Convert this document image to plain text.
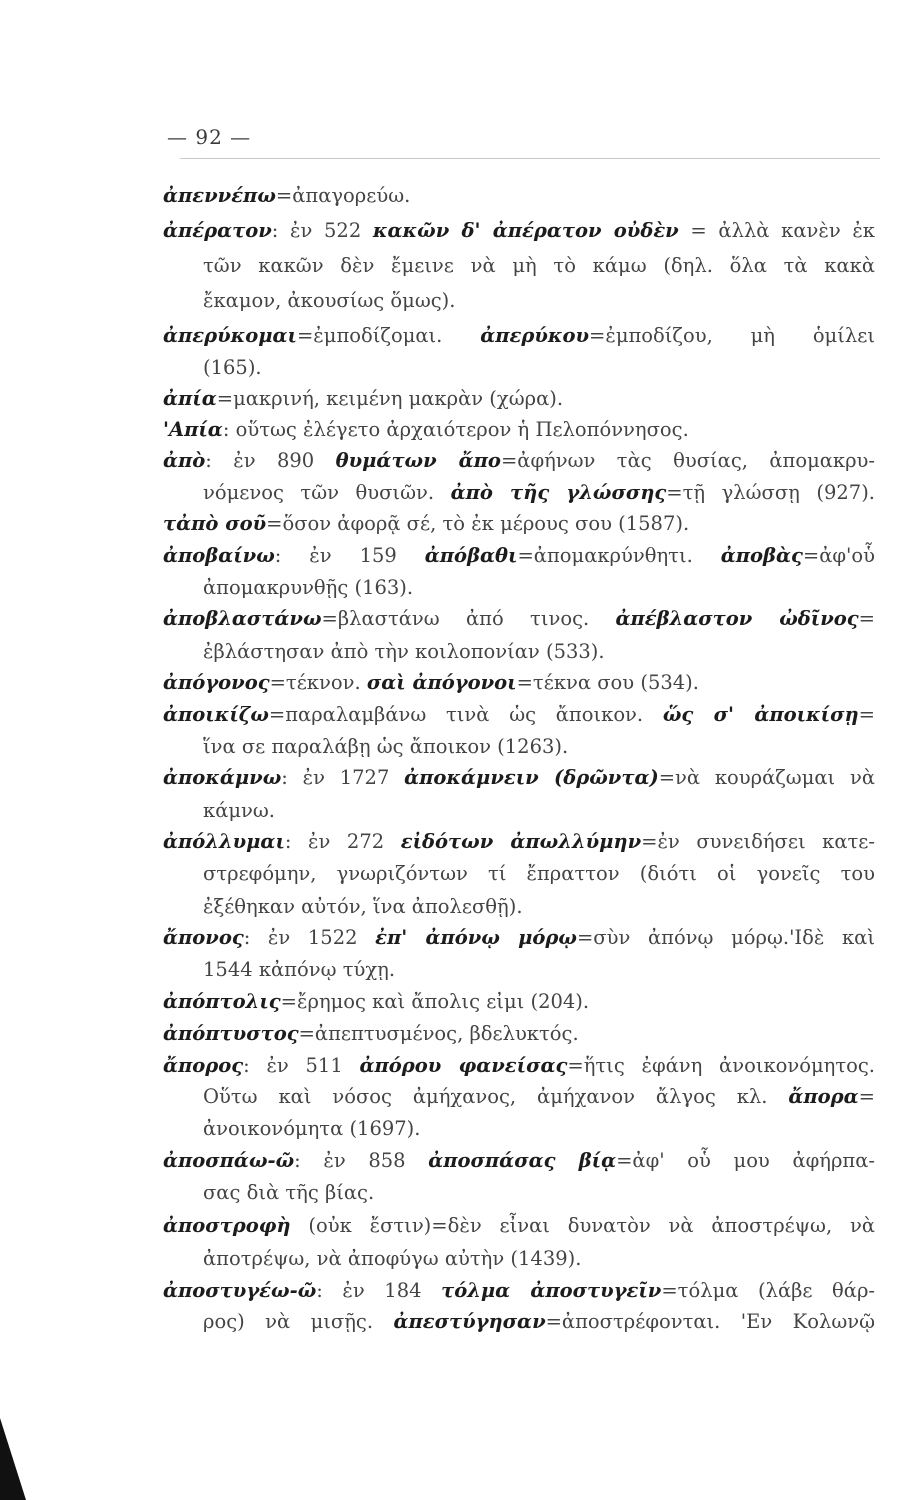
— 92 —
ἀπεννέπω=ἀπαγορεύω.
ἀπέρατον: ἐν 522 κακῶν δ' ἀπέρατον οὐδὲν = ἀλλὰ κανὲν ἐκ
τῶν κακῶν δὲν ἔμεινε νὰ μὴ τὸ κάμω (δηλ. ὅλα τὰ κακὰ
ἔκαμον, ἀκουσίως ὅμως).
ἀπερύκομαι=ἐμποδίζομαι. ἀπερύκου=ἐμποδίζου, μὴ ὁμίλει
(165).
ἀπία=μακρινή, κειμένη μακρὰν (χώρα).
'Απία: οὕτως ἐλέγετο ἀρχαιότερον ἡ Πελοπόννησος.
ἀπὸ: ἐν 890 θυμάτων ἄπο=ἀφήνων τὰς θυσίας, ἀπομακρυ-
νόμενος τῶν θυσιῶν. ἀπὸ τῆς γλώσσης=τῇ γλώσσῃ (927).
τἀπὸ σοῦ=ὅσον ἀφορᾷ σέ, τὸ ἐκ μέρους σου (1587).
ἀποβαίνω: ἐν 159 ἀπόβαθι=ἀπομακρύνθητι. ἀποβὰς=ἀφ'οὗ
ἀπομακρυνθῇς (163).
ἀποβλαστάνω=βλαστάνω ἀπό τινος. ἀπέβλαστον ὠδῖνος=
ἐβλάστησαν ἀπὸ τὴν κοιλοπονίαν (533).
ἀπόγονος=τέκνον. σαὶ ἀπόγονοι=τέκνα σου (534).
ἀποικίζω=παραλαμβάνω τινὰ ὡς ἄποικον. ὥς σ' ἀποικίσῃ=
ἵνα σε παραλάβῃ ὡς ἄποικον (1263).
ἀποκάμνω: ἐν 1727 ἀποκάμνειν (δρῶντα)=νὰ κουράζωμαι νὰ
κάμνω.
ἀπόλλυμαι: ἐν 272 εἰδότων ἀπωλλύμην=ἐν συνειδήσει κατε-
στρεφόμην, γνωριζόντων τί ἔπραττον (διότι οἱ γονεῖς του
ἐξέθηκαν αὐτόν, ἵνα ἀπολεσθῇ).
ἄπονος: ἐν 1522 ἐπ' ἀπόνῳ μόρῳ=σὺν ἀπόνῳ μόρῳ.'Ιδὲ καὶ
1544 κἀπόνῳ τύχῃ.
ἀπόπτολις=ἔρημος καὶ ἄπολις εἰμι (204).
ἀπόπτυστος=ἀπεπτυσμένος, βδελυκτός.
ἄπορος: ἐν 511 ἀπόρου φανείσας=ἥτις ἐφάνη ἀνοικονόμητος.
Οὕτω καὶ νόσος ἀμήχανος, ἀμήχανον ἄλγος κλ. ἄπορα=
ἀνοικονόμητα (1697).
ἀποσπάω-ῶ: ἐν 858 ἀποσπάσας βίᾳ=ἀφ' οὗ μου ἀφήρπα-
σας διὰ τῆς βίας.
ἀποστροφὴ (οὐκ ἔστιν)=δὲν εἶναι δυνατὸν νὰ ἀποστρέψω, νὰ
ἀποτρέψω, νὰ ἀποφύγω αὐτὴν (1439).
ἀποστυγέω-ῶ: ἐν 184 τόλμα ἀποστυγεῖν=τόλμα (λάβε θάρ-
ρος) νὰ μισῇς. ἀπεστύγησαν=ἀποστρέφονται. 'Εν Κολωνῷ
